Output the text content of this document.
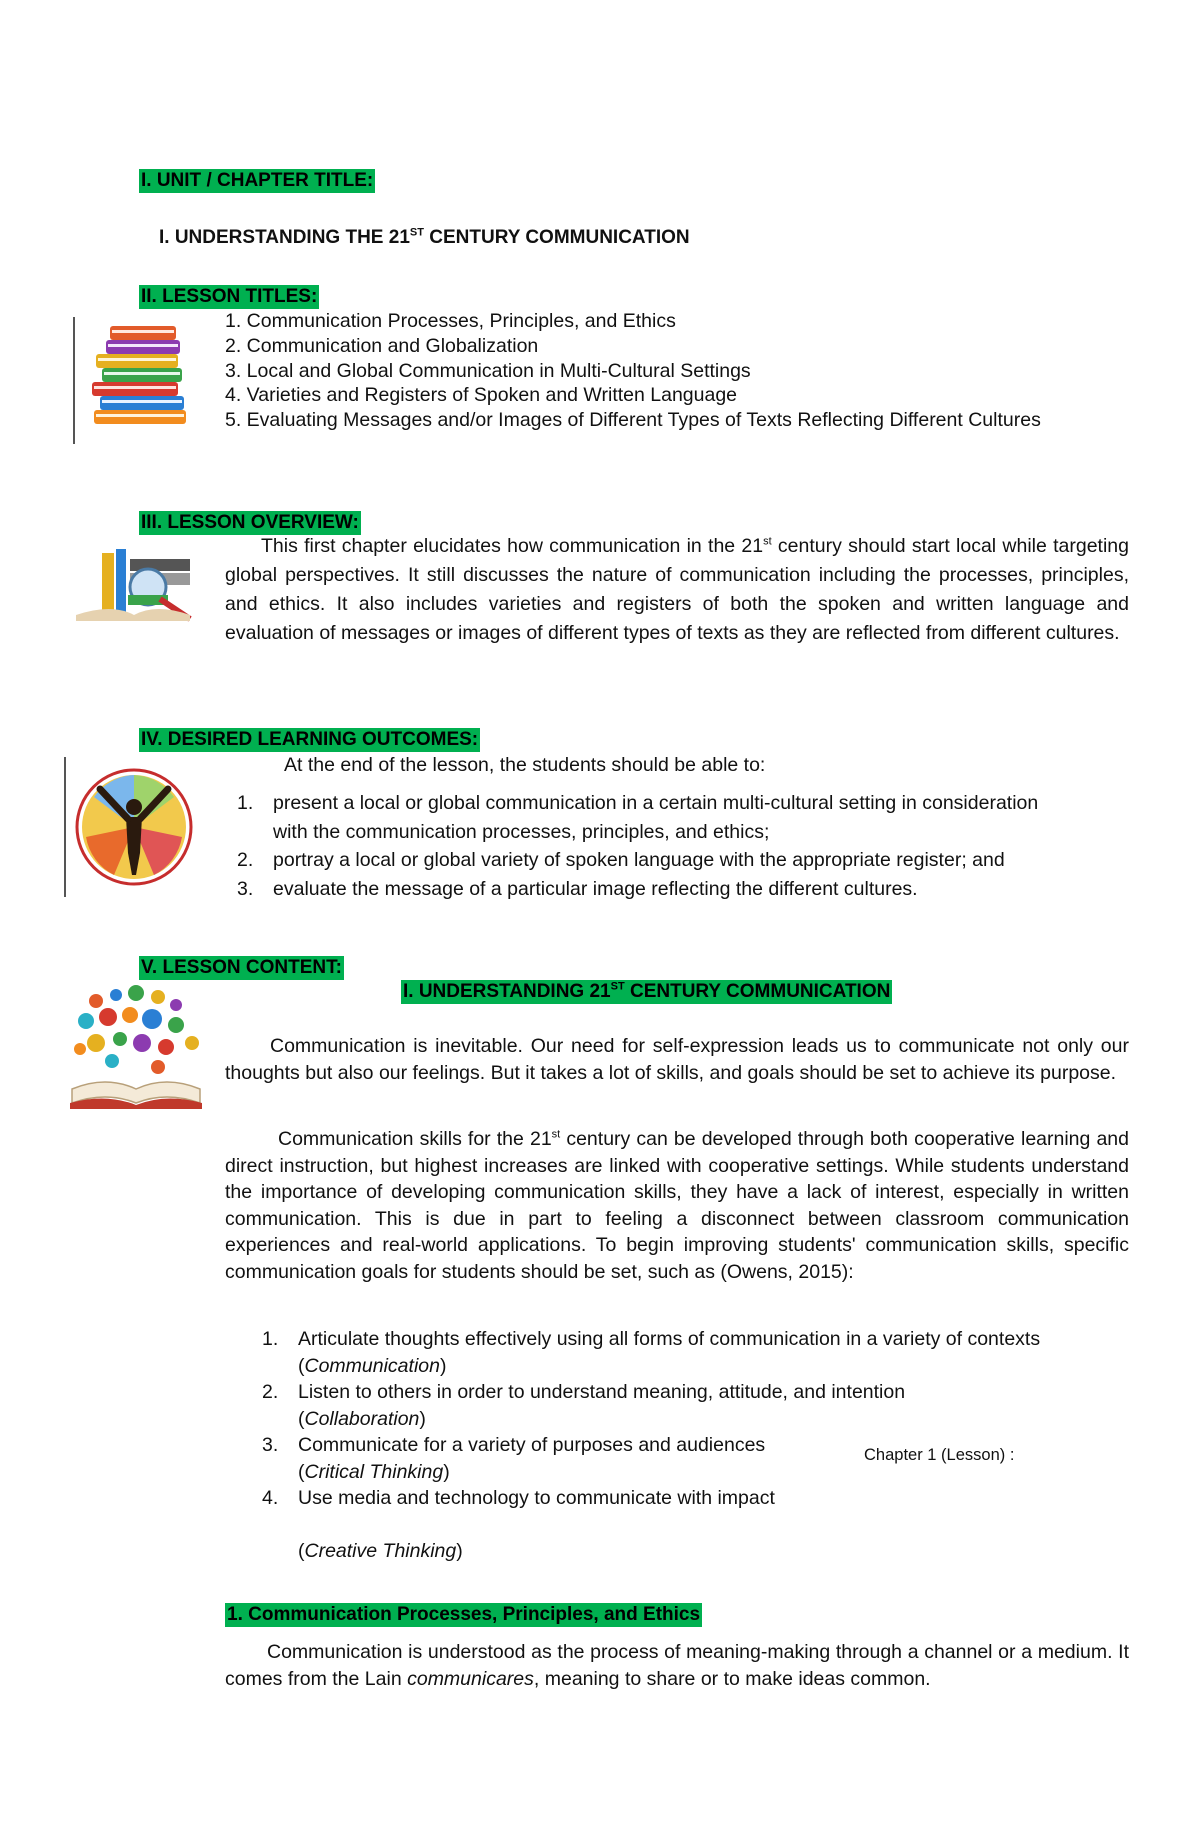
I. UNIT / CHAPTER TITLE:
I. UNDERSTANDING THE 21ST CENTURY COMMUNICATION
II. LESSON TITLES:
1. Communication Processes, Principles, and Ethics
2. Communication and Globalization
3. Local and Global Communication in Multi-Cultural Settings
4. Varieties and Registers of Spoken and Written Language
5. Evaluating Messages and/or Images of Different Types of Texts Reflecting Different Cultures
III. LESSON OVERVIEW:

This first chapter elucidates how communication in the 21st century should start local while targeting global perspectives. It still discusses the nature of communication including the processes, principles, and ethics. It also includes varieties and registers of both the spoken and written language and evaluation of messages or images of different types of texts as they are reflected from different cultures.

IV. DESIRED LEARNING OUTCOMES:
At the end of the lesson, the students should be able to:
1.	present a local or global communication in a certain multi-cultural setting in consideration
with the communication processes, principles, and ethics;
2.	portray a local or global variety of spoken language with the appropriate register; and
3.	evaluate the message of a particular image reflecting the different cultures.
V. LESSON CONTENT:
I. UNDERSTANDING 21ST CENTURY COMMUNICATION

Communication is inevitable. Our need for self-expression leads us to communicate not only our thoughts but also our feelings. But it takes a lot of skills, and goals should be set to achieve its purpose.

Communication skills for the 21st century can be developed through both cooperative learning and direct instruction, but highest increases are linked with cooperative settings. While students understand the importance of developing communication skills, they have a lack of interest, especially in written communication. This is due in part to feeling a disconnect between classroom communication experiences and real-world applications. To begin improving students' communication skills, specific communication goals for students should be set, such as (Owens, 2015):

1.	Articulate thoughts effectively using all forms of communication in a variety of contexts
(Communication)
2.	Listen to others in order to understand meaning, attitude, and intention
(Collaboration)
3.	Communicate for a variety of purposes and audiences
(Critical Thinking)
4.	Use media and technology to communicate with impact

(Creative Thinking)
Chapter 1 (Lesson) :
1. Communication Processes, Principles, and Ethics

Communication is understood as the process of meaning-making through a channel or a medium. It comes from the Lain communicares, meaning to share or to make ideas common.
